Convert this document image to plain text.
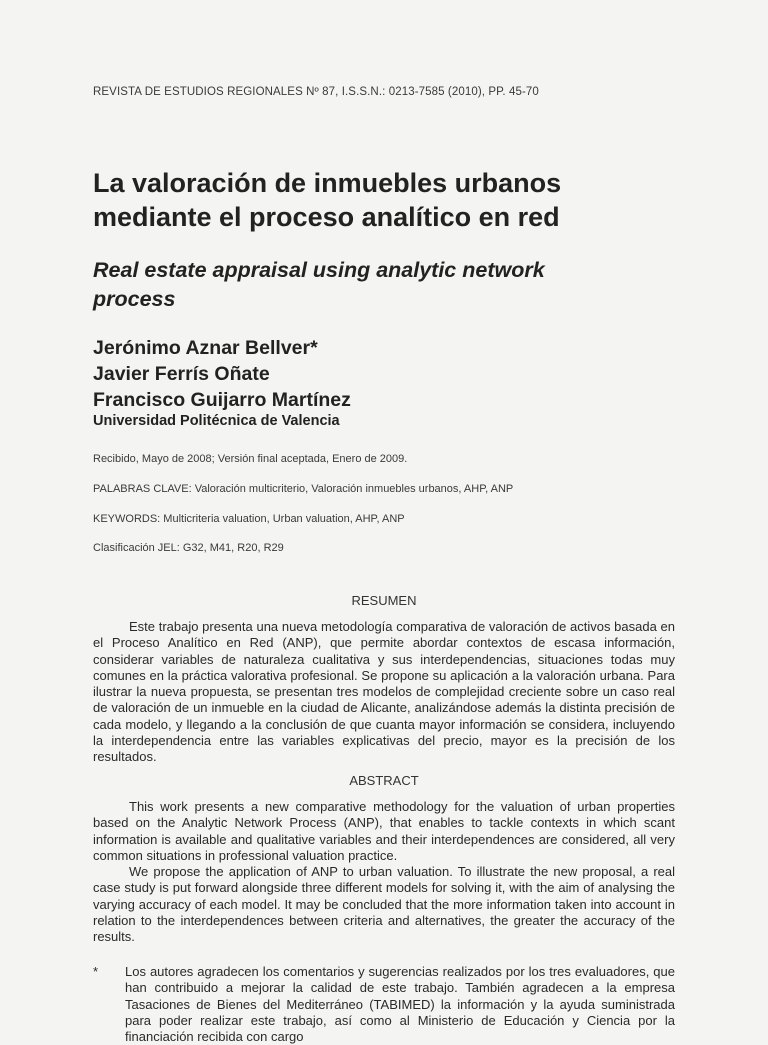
REVISTA DE ESTUDIOS REGIONALES Nº 87, I.S.S.N.: 0213-7585 (2010), PP. 45-70
La valoración de inmuebles urbanos
mediante el proceso analítico en red
Real estate appraisal using analytic network
process
Jerónimo Aznar Bellver*
Javier Ferrís Oñate
Francisco Guijarro Martínez
Universidad Politécnica de Valencia
Recibido, Mayo de 2008; Versión final aceptada, Enero de 2009.
PALABRAS CLAVE: Valoración multicriterio, Valoración inmuebles urbanos, AHP, ANP
KEYWORDS: Multicriteria valuation, Urban valuation, AHP, ANP
Clasificación JEL: G32, M41, R20, R29
RESUMEN

Este trabajo presenta una nueva metodología comparativa de valoración de activos basada en el Proceso Analítico en Red (ANP), que permite abordar contextos de escasa información, considerar variables de naturaleza cualitativa y sus interdependencias, situaciones todas muy comunes en la práctica valorativa profesional. Se propone su aplicación a la valoración urbana. Para ilustrar la nueva propuesta, se presentan tres modelos de complejidad creciente sobre un caso real de valoración de un inmueble en la ciudad de Alicante, analizándose además la distinta precisión de cada modelo, y llegando a la conclusión de que cuanta mayor información se considera, incluyendo la interdependencia entre las variables explicativas del precio, mayor es la precisión de los resultados.

ABSTRACT

This work presents a new comparative methodology for the valuation of urban properties based on the Analytic Network Process (ANP), that enables to tackle contexts in which scant information is available and qualitative variables and their interdependences are considered, all very common situations in professional valuation practice.

We propose the application of ANP to urban valuation. To illustrate the new proposal, a real case study is put forward alongside three different models for solving it, with the aim of analysing the varying accuracy of each model. It may be concluded that the more information taken into account in relation to the interdependences between criteria and alternatives, the greater the accuracy of the results.

* Los autores agradecen los comentarios y sugerencias realizados por los tres evaluadores, que han contribuido a mejorar la calidad de este trabajo. También agradecen a la empresa Tasaciones de Bienes del Mediterráneo (TABIMED) la información y la ayuda suministrada para poder realizar este trabajo, así como al Ministerio de Educación y Ciencia por la financiación recibida con cargo
